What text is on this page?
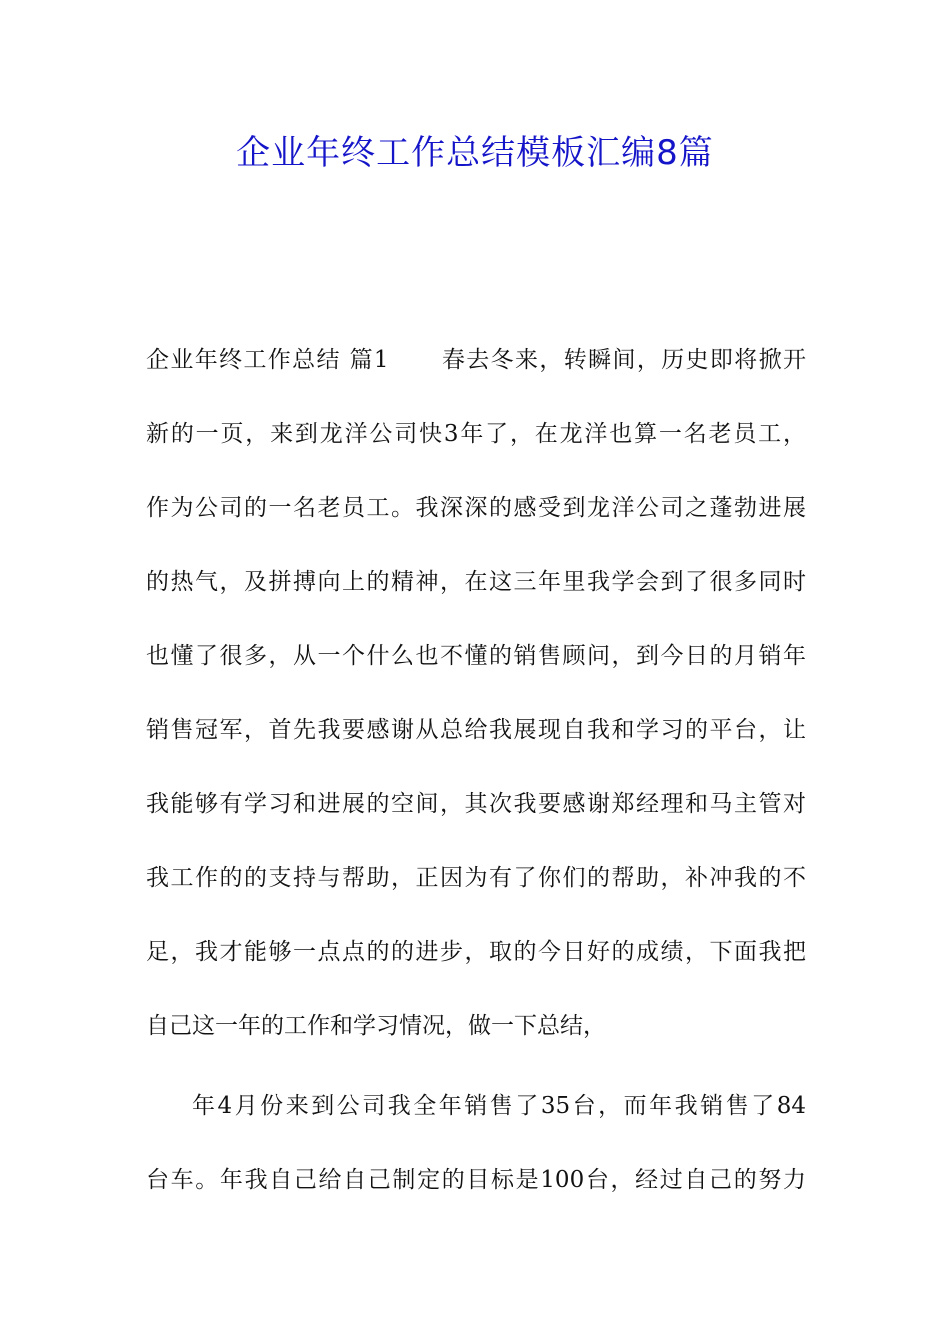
企业年终工作总结模板汇编8篇
企业年终工作总结 篇1 春去冬来，转瞬间，历史即将掀开
新的一页，来到龙洋公司快3年了，在龙洋也算一名老员工，
作为公司的一名老员工。我深深的感受到龙洋公司之蓬勃进展
的热气，及拼搏向上的精神，在这三年里我学会到了很多同时
也懂了很多，从一个什么也不懂的销售顾问，到今日的月销年
销售冠军，首先我要感谢从总给我展现自我和学习的平台，让
我能够有学习和进展的空间，其次我要感谢郑经理和马主管对
我工作的的支持与帮助，正因为有了你们的帮助，补冲我的不
足，我才能够一点点的的进步，取的今日好的成绩，下面我把
自己这一年的工作和学习情况，做一下总结，
年4月份来到公司我全年销售了35台，而年我销售了84
台车。年我自己给自己制定的目标是100台，经过自己的努力
